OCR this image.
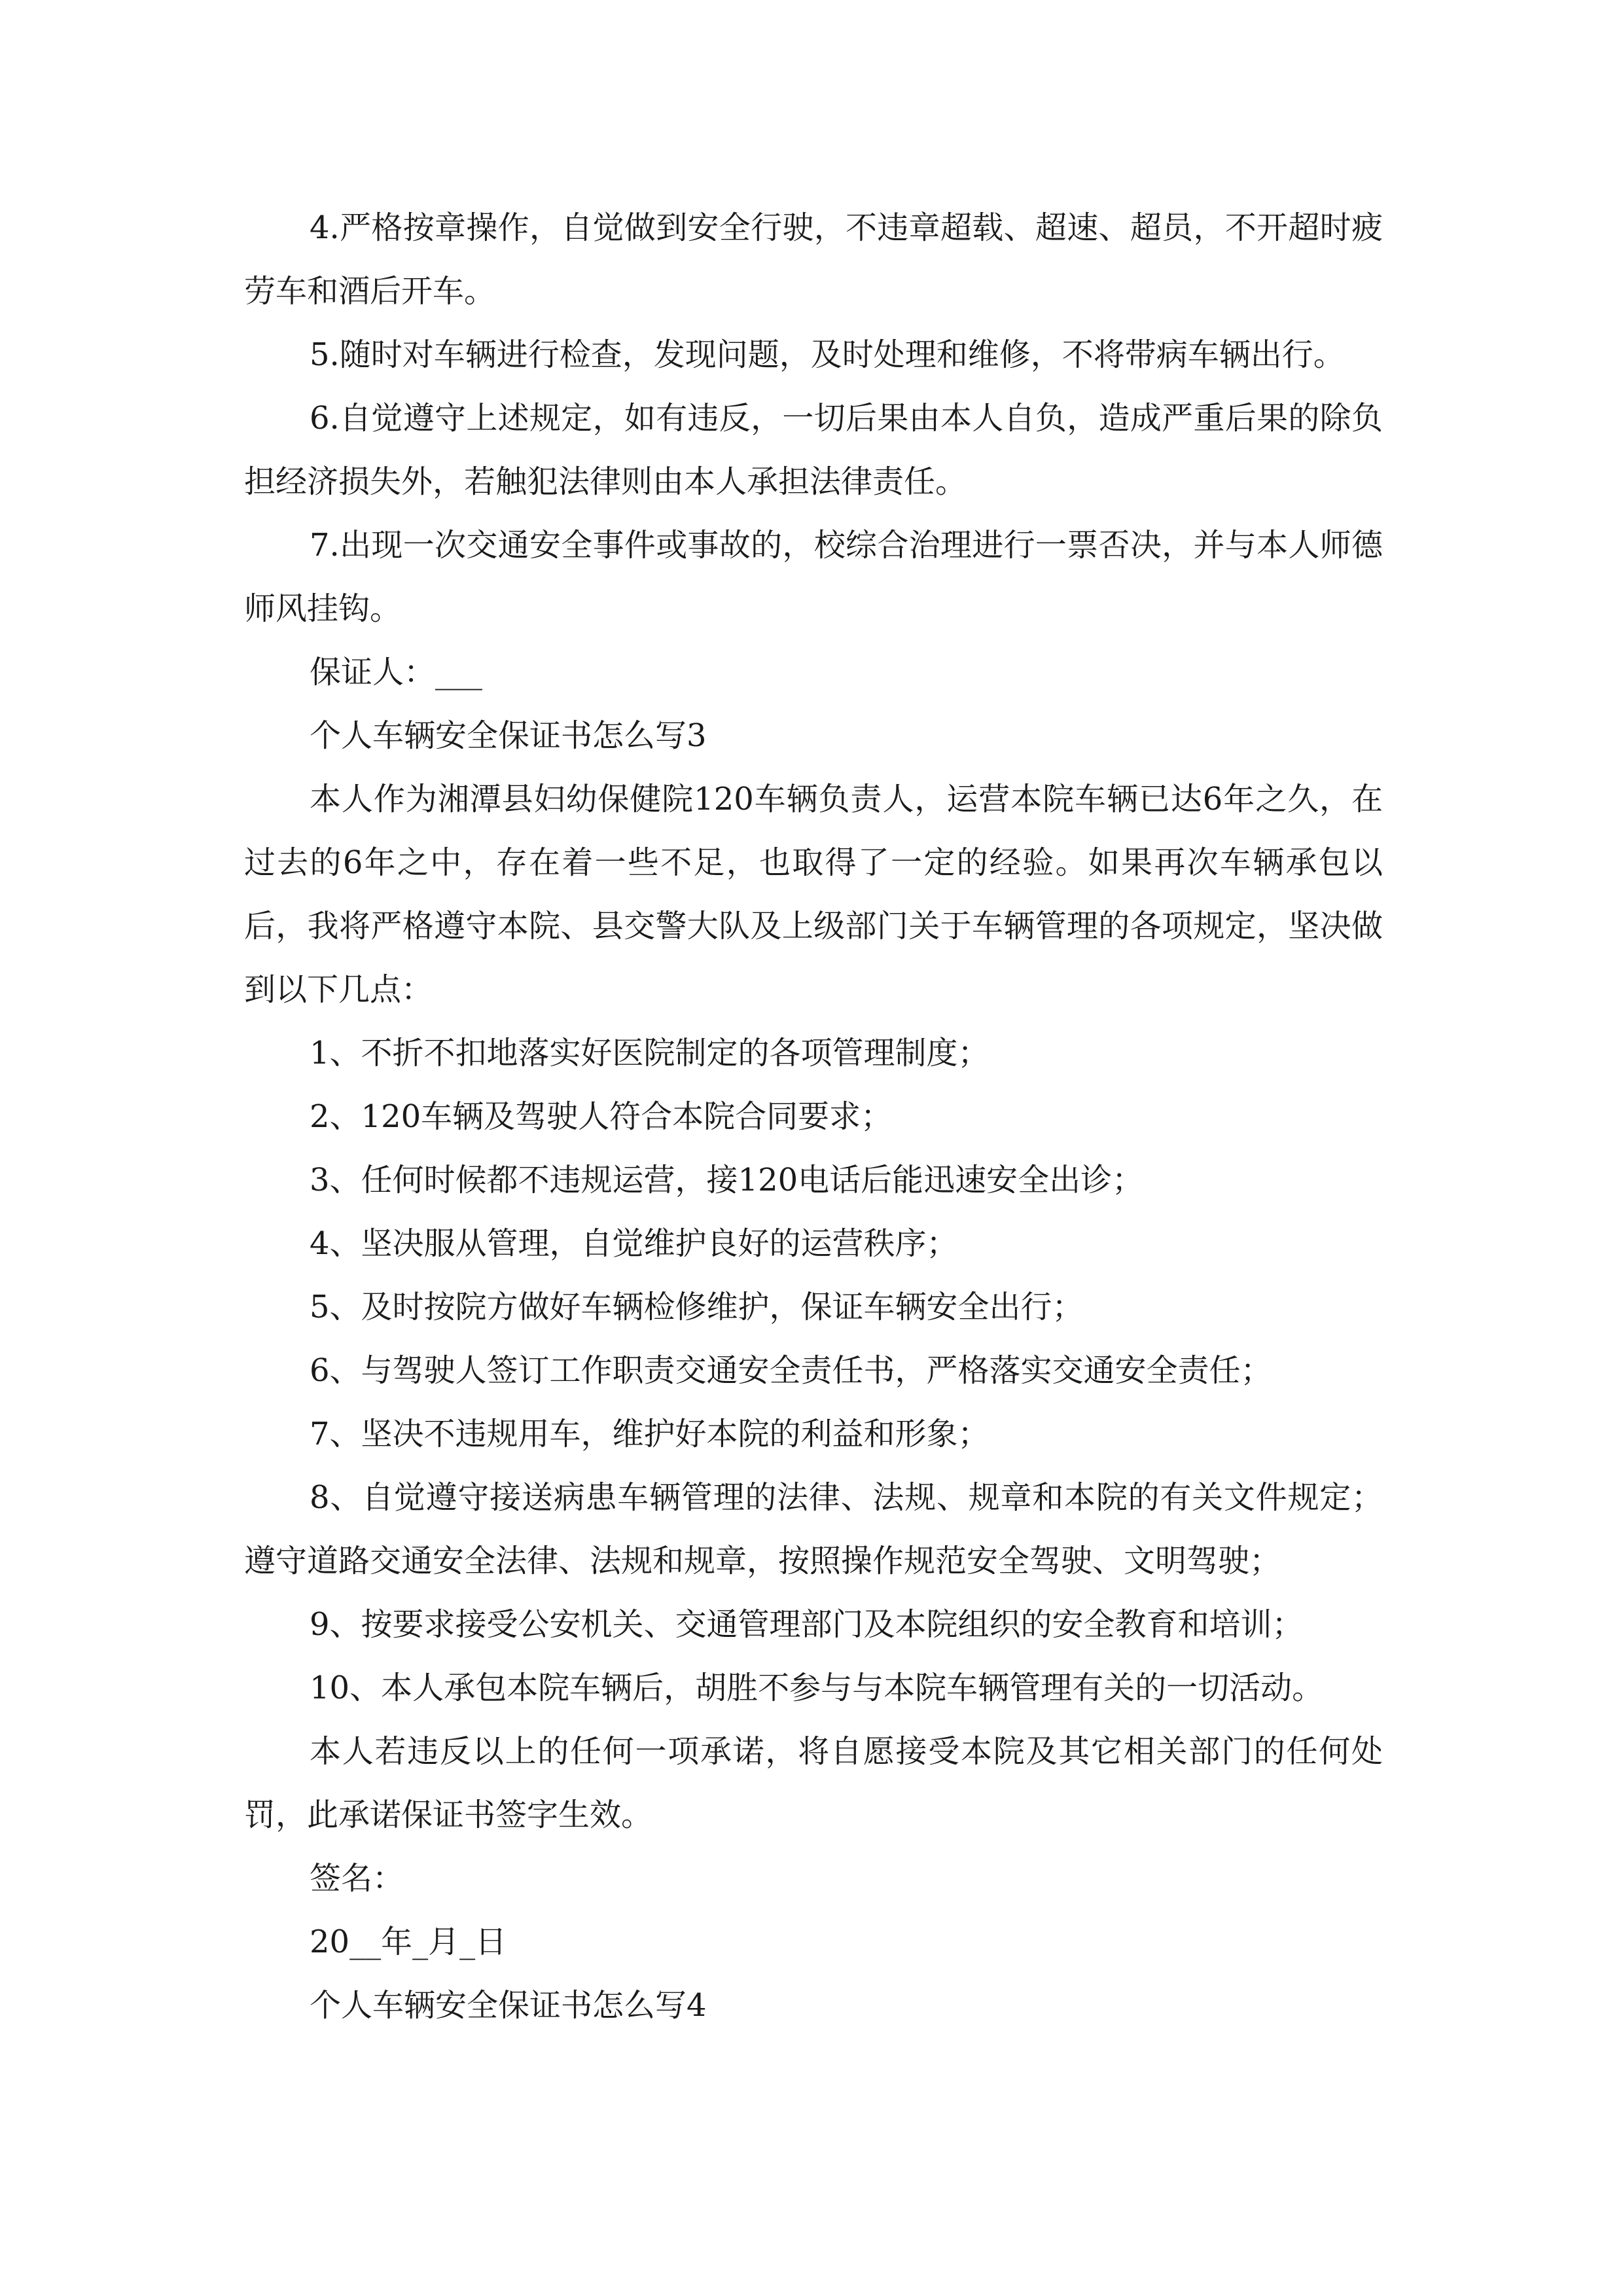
4.严格按章操作，自觉做到安全行驶，不违章超载、超速、超员，不开超时疲劳车和酒后开车。

5.随时对车辆进行检查，发现问题，及时处理和维修，不将带病车辆出行。

6.自觉遵守上述规定，如有违反，一切后果由本人自负，造成严重后果的除负担经济损失外，若触犯法律则由本人承担法律责任。

7.出现一次交通安全事件或事故的，校综合治理进行一票否决，并与本人师德师风挂钩。

保证人：___

个人车辆安全保证书怎么写3

本人作为湘潭县妇幼保健院120车辆负责人，运营本院车辆已达6年之久，在过去的6年之中，存在着一些不足，也取得了一定的经验。如果再次车辆承包以后，我将严格遵守本院、县交警大队及上级部门关于车辆管理的各项规定，坚决做到以下几点：

1、不折不扣地落实好医院制定的各项管理制度；

2、120车辆及驾驶人符合本院合同要求；

3、任何时候都不违规运营，接120电话后能迅速安全出诊；

4、坚决服从管理，自觉维护良好的运营秩序；

5、及时按院方做好车辆检修维护，保证车辆安全出行；

6、与驾驶人签订工作职责交通安全责任书，严格落实交通安全责任；

7、坚决不违规用车，维护好本院的利益和形象；

8、自觉遵守接送病患车辆管理的法律、法规、规章和本院的有关文件规定；遵守道路交通安全法律、法规和规章，按照操作规范安全驾驶、文明驾驶；

9、按要求接受公安机关、交通管理部门及本院组织的安全教育和培训；

10、本人承包本院车辆后，胡胜不参与与本院车辆管理有关的一切活动。

本人若违反以上的任何一项承诺，将自愿接受本院及其它相关部门的任何处罚，此承诺保证书签字生效。

签名：

20__年_月_日

个人车辆安全保证书怎么写4
